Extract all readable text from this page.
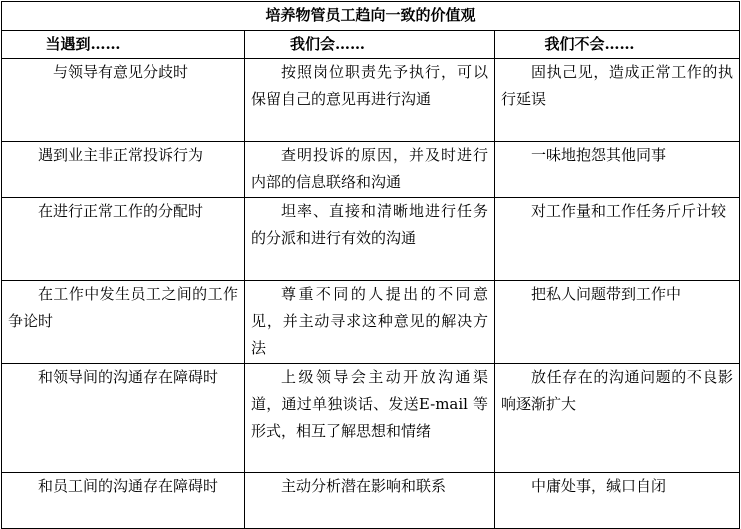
培养物管员工趋向一致的价值观		
当遇到……	我们会……	我们不会……
与领导有意见分歧时	按照岗位职责先予执行，可以保留自己的意见再进行沟通	固执己见，造成正常工作的执行延误
遇到业主非正常投诉行为	查明投诉的原因，并及时进行内部的信息联络和沟通	一味地抱怨其他同事
在进行正常工作的分配时	坦率、直接和清晰地进行任务的分派和进行有效的沟通	对工作量和工作任务斤斤计较
在工作中发生员工之间的工作争论时	尊重不同的人提出的不同意见，并主动寻求这种意见的解决方法	把私人问题带到工作中
和领导间的沟通存在障碍时	上级领导会主动开放沟通渠道，通过单独谈话、发送E-mail 等形式，相互了解思想和情绪	放任存在的沟通问题的不良影响逐渐扩大
和员工间的沟通存在障碍时	主动分析潜在影响和联系	中庸处事，缄口自闭
